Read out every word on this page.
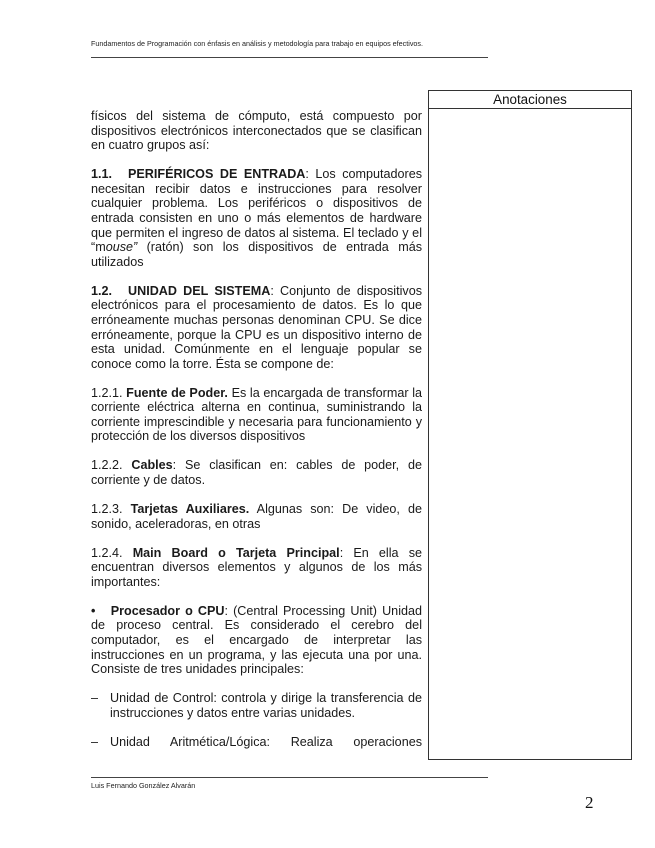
Fundamentos de Programación con énfasis en análisis y metodología para trabajo en equipos efectivos.
Anotaciones

físicos del sistema de cómputo, está compuesto por dispositivos electrónicos interconectados que se clasifican en cuatro grupos así:

1.1. PERIFÉRICOS DE ENTRADA: Los computadores necesitan recibir datos e instrucciones para resolver cualquier problema. Los periféricos o dispositivos de entrada consisten en uno o más elementos de hardware que permiten el ingreso de datos al sistema. El teclado y el “mouse” (ratón) son los dispositivos de entrada más utilizados

1.2. UNIDAD DEL SISTEMA: Conjunto de dispositivos electrónicos para el procesamiento de datos. Es lo que erróneamente muchas personas denominan CPU. Se dice erróneamente, porque la CPU es un dispositivo interno de esta unidad. Comúnmente en el lenguaje popular se conoce como la torre. Ésta se compone de:

1.2.1. Fuente de Poder. Es la encargada de transformar la corriente eléctrica alterna en continua, suministrando la corriente imprescindible y necesaria para funcionamiento y protección de los diversos dispositivos

1.2.2. Cables: Se clasifican en: cables de poder, de corriente y de datos.

1.2.3. Tarjetas Auxiliares. Algunas son: De video, de sonido, aceleradoras, en otras

1.2.4. Main Board o Tarjeta Principal: En ella se encuentran diversos elementos y algunos de los más importantes:

• Procesador o CPU: (Central Processing Unit) Unidad de proceso central. Es considerado el cerebro del computador, es el encargado de interpretar las instrucciones en un programa, y las ejecuta una por una. Consiste de tres unidades principales:

– Unidad de Control: controla y dirige la transferencia de instrucciones y datos entre varias unidades.
– Unidad Aritmética/Lógica: Realiza operaciones

Luis Fernando González Alvarán
2
